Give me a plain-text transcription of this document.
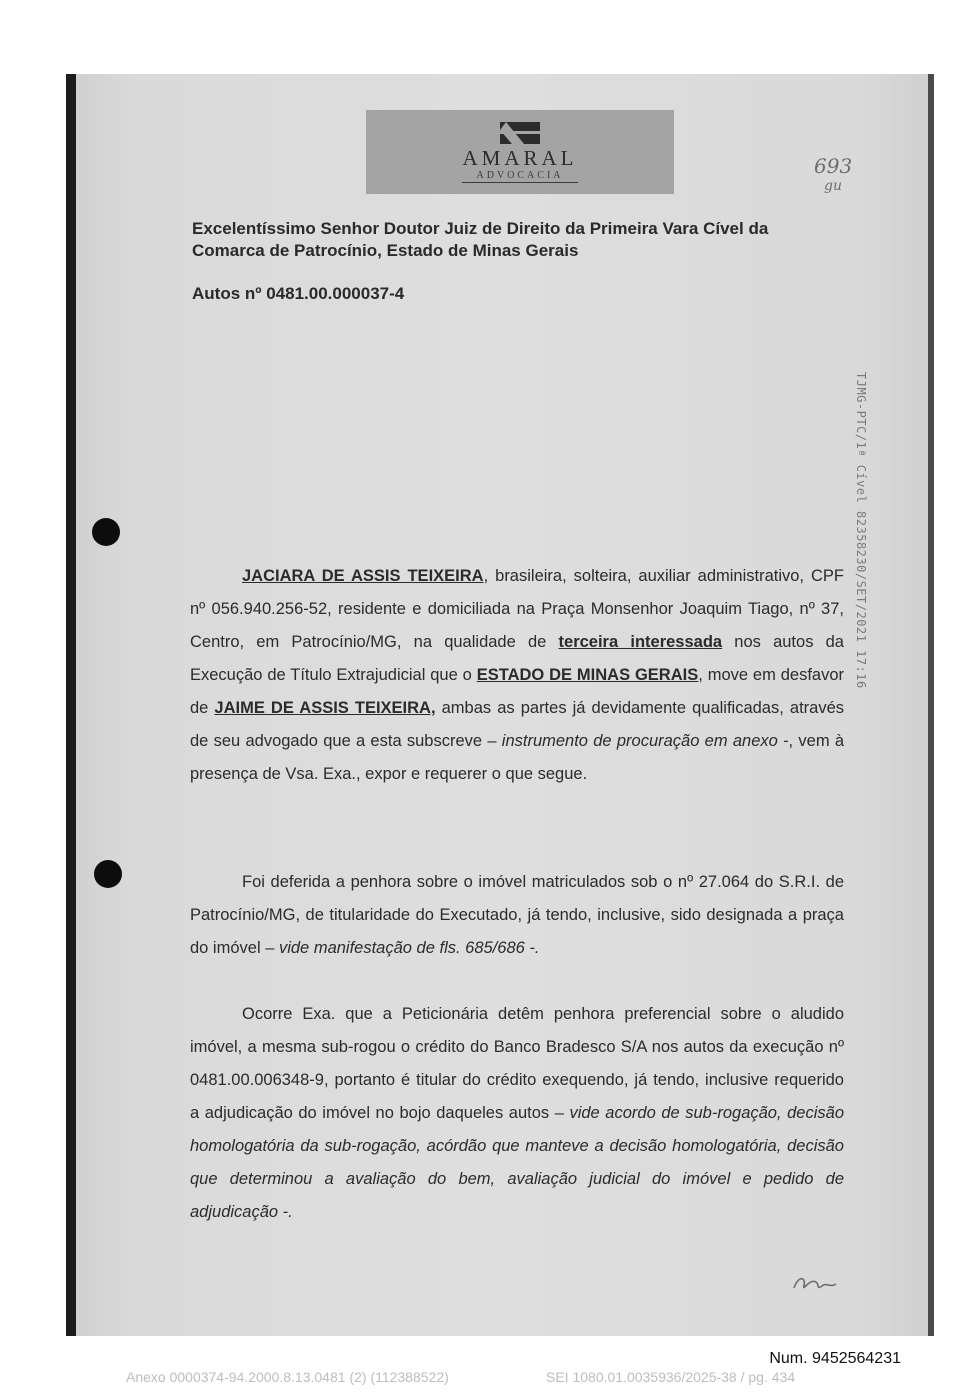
AMARAL
ADVOCACIA	693
gu
Excelentíssimo Senhor Doutor Juiz de Direito da Primeira Vara Cível da
Comarca de Patrocínio, Estado de Minas Gerais
Autos nº 0481.00.000037-4
TJMG-PTC/1ª Cível 82358230/SET/2021 17:16
JACIARA DE ASSIS TEIXEIRA, brasileira, solteira, auxiliar administrativo, CPF nº 056.940.256-52, residente e domiciliada na Praça Monsenhor Joaquim Tiago, nº 37, Centro, em Patrocínio/MG, na qualidade de terceira interessada nos autos da Execução de Título Extrajudicial que o ESTADO DE MINAS GERAIS, move em desfavor de JAIME DE ASSIS TEIXEIRA, ambas as partes já devidamente qualificadas, através de seu advogado que a esta subscreve – instrumento de procuração em anexo -, vem à presença de Vsa. Exa., expor e requerer o que segue.
Foi deferida a penhora sobre o imóvel matriculados sob o nº 27.064 do S.R.I. de Patrocínio/MG, de titularidade do Executado, já tendo, inclusive, sido designada a praça do imóvel – vide manifestação de fls. 685/686 -.
Ocorre Exa. que a Peticionária detêm penhora preferencial sobre o aludido imóvel, a mesma sub-rogou o crédito do Banco Bradesco S/A nos autos da execução nº 0481.00.006348-9, portanto é titular do crédito exequendo, já tendo, inclusive requerido a adjudicação do imóvel no bojo daqueles autos – vide acordo de sub-rogação, decisão homologatória da sub-rogação, acórdão que manteve a decisão homologatória, decisão que determinou a avaliação do bem, avaliação judicial do imóvel e pedido de adjudicação -.
Num. 9452564231
Anexo 0000374-94.2000.8.13.0481 (2) (112388522)	SEI 1080.01.0035936/2025-38 / pg. 434
